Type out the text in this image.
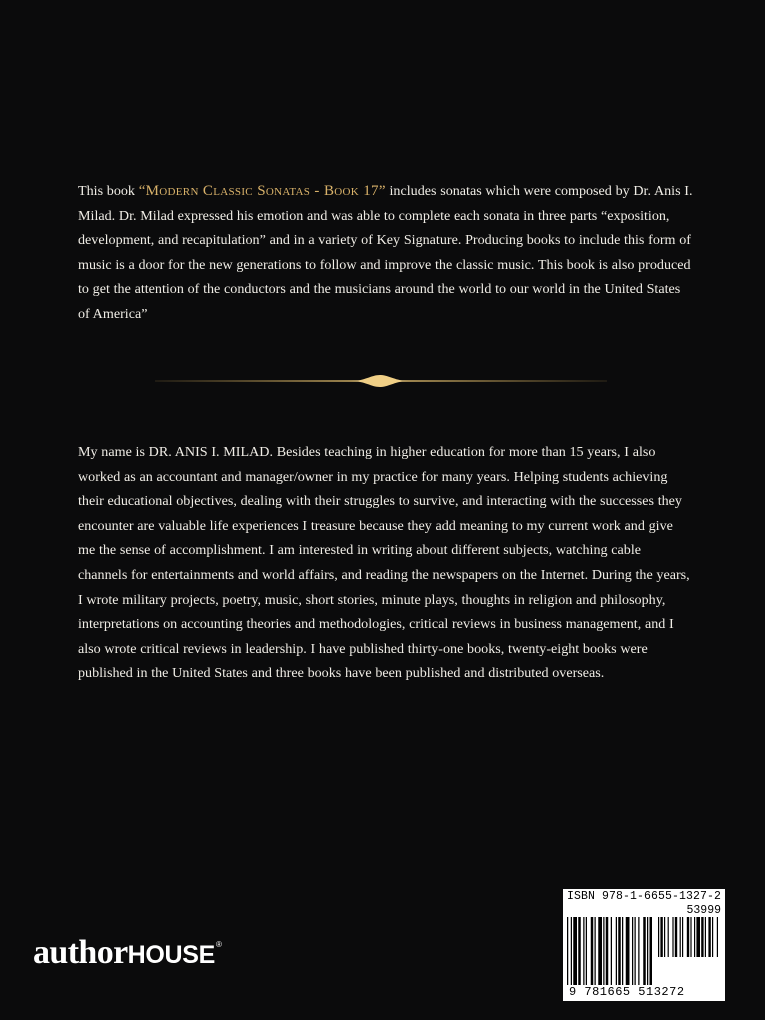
This book “Modern Classic Sonatas - Book 17” includes sonatas which were composed by Dr. Anis I. Milad. Dr. Milad expressed his emotion and was able to complete each sonata in three parts “exposition, development, and recapitulation” and in a variety of Key Signature. Producing books to include this form of music is a door for the new generations to follow and improve the classic music. This book is also produced to get the attention of the conductors and the musicians around the world to our world in the United States of America”

My name is DR. ANIS I. MILAD. Besides teaching in higher education for more than 15 years, I also worked as an accountant and manager/owner in my practice for many years. Helping students achieving their educational objectives, dealing with their struggles to survive, and interacting with the successes they encounter are valuable life experiences I treasure because they add meaning to my current work and give me the sense of accomplishment. I am interested in writing about different subjects, watching cable channels for entertainments and world affairs, and reading the newspapers on the Internet. During the years, I wrote military projects, poetry, music, short stories, minute plays, thoughts in religion and philosophy, interpretations on accounting theories and methodologies, critical reviews in business management, and I also wrote critical reviews in leadership. I have published thirty-one books, twenty-eight books were published in the United States and three books have been published and distributed overseas.

authorHOUSE®
ISBN 978-1-6655-1327-2
53999
9 781665 513272
